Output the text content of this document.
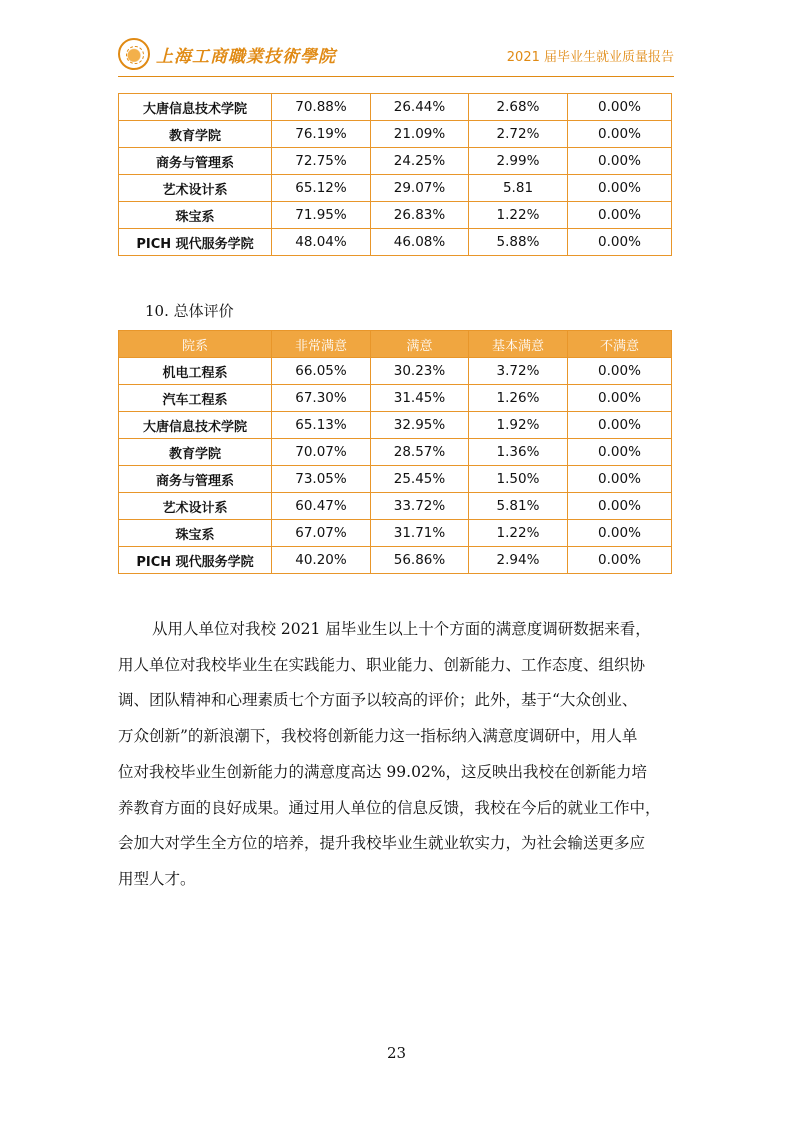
上海工商職業技術學院	2021 届毕业生就业质量报告
大唐信息技术学院	70.88%	26.44%	2.68%	0.00%
教育学院	76.19%	21.09%	2.72%	0.00%
商务与管理系	72.75%	24.25%	2.99%	0.00%
艺术设计系	65.12%	29.07%	5.81	0.00%
珠宝系	71.95%	26.83%	1.22%	0.00%
PICH 现代服务学院	48.04%	46.08%	5.88%	0.00%
10. 总体评价
院系	非常满意	满意	基本满意	不满意
机电工程系	66.05%	30.23%	3.72%	0.00%
汽车工程系	67.30%	31.45%	1.26%	0.00%
大唐信息技术学院	65.13%	32.95%	1.92%	0.00%
教育学院	70.07%	28.57%	1.36%	0.00%
商务与管理系	73.05%	25.45%	1.50%	0.00%
艺术设计系	60.47%	33.72%	5.81%	0.00%
珠宝系	67.07%	31.71%	1.22%	0.00%
PICH 现代服务学院	40.20%	56.86%	2.94%	0.00%
从用人单位对我校 2021 届毕业生以上十个方面的满意度调研数据来看，
用人单位对我校毕业生在实践能力、职业能力、创新能力、工作态度、组织协
调、团队精神和心理素质七个方面予以较高的评价；此外，基于“大众创业、
万众创新”的新浪潮下，我校将创新能力这一指标纳入满意度调研中，用人单
位对我校毕业生创新能力的满意度高达 99.02%，这反映出我校在创新能力培
养教育方面的良好成果。通过用人单位的信息反馈，我校在今后的就业工作中，
会加大对学生全方位的培养，提升我校毕业生就业软实力，为社会输送更多应
用型人才。
23
